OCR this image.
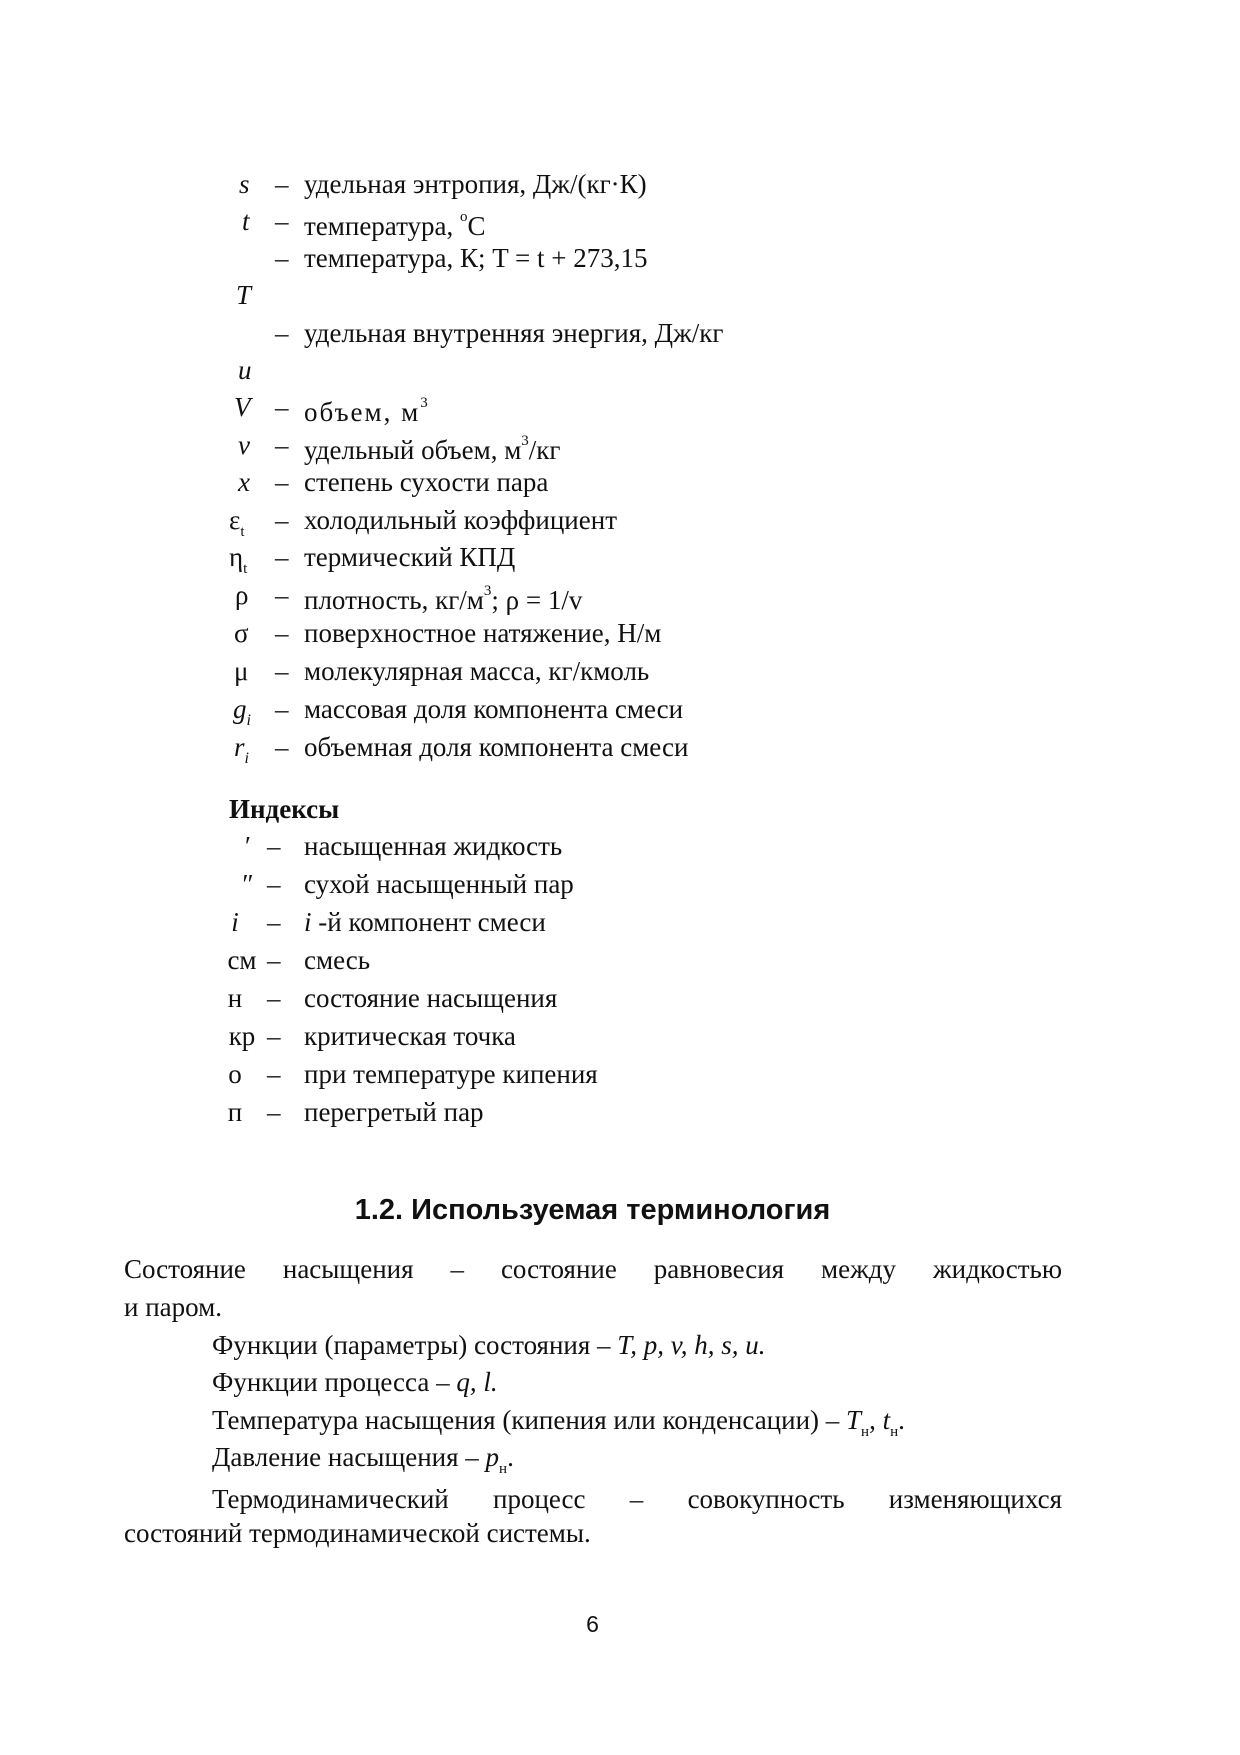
s – удельная энтропия, Дж/(кг·К)
t – температура, $^o$C
– температура, К; T = t + 273,15
T
– удельная внутренняя энергия, Дж/кг
u
V – объем, $м^3$
v – удельный объем, $м^3/кг$
x – степень сухости пара
$\varepsilon_t$ – холодильный коэффициент
$\eta_t$ – термический КПД
ρ – плотность, $кг/м^3$; ρ = 1/v
σ – поверхностное натяжение, Н/м
μ – молекулярная масса, кг/кмоль
$g_i$ – массовая доля компонента смеси
$r_i$ – объемная доля компонента смеси
Индексы
′ – насыщенная жидкость
″ – сухой насыщенный пар
i	– i -й компонент смеси
см – смесь
н – состояние насыщения
кр – критическая точка
о – при температуре кипения
п – перегретый пар
1.2. Используемая терминология
Состояние насыщения – состояние равновесия между жидкостью
и паром.
Функции (параметры) состояния – T, p, v, h, s, u.
Функции процесса – q, l.
Температура насыщения (кипения или конденсации) – $T_н$, $t_н$.
Давление насыщения – $p_н$.
Термодинамический процесс – совокупность изменяющихся
состояний термодинамической системы.
6
